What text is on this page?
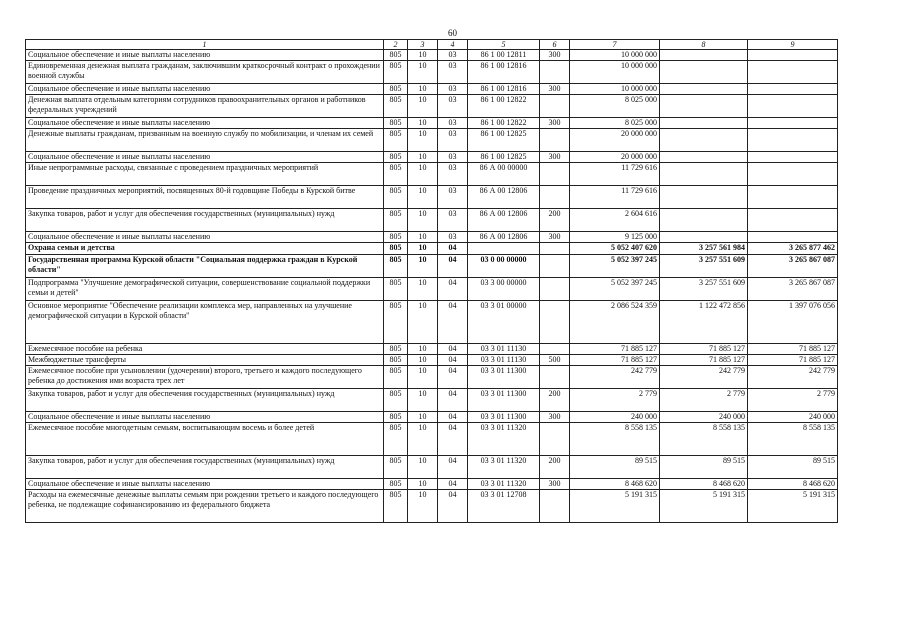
60
1	2	3	4	5	6	7	8	9
Социальное обеспечение и иные выплаты населению	805	10	03	86 1 00 12811	300	10 000 000		
Единовременная денежная выплата гражданам, заключившим краткосрочный контракт о прохождении военной службы	805	10	03	86 1 00 12816		10 000 000		
Социальное обеспечение и иные выплаты населению	805	10	03	86 1 00 12816	300	10 000 000		
Денежная выплата отдельным категориям сотрудников правоохранительных органов и работников федеральных учреждений	805	10	03	86 1 00 12822		8 025 000		
Социальное обеспечение и иные выплаты населению	805	10	03	86 1 00 12822	300	8 025 000		
Денежные выплаты гражданам, призванным на военную службу по мобилизации, и членам их семей	805	10	03	86 1 00 12825		20 000 000		
Социальное обеспечение и иные выплаты населению	805	10	03	86 1 00 12825	300	20 000 000		
Иные непрограммные расходы, связанные с проведением праздничных мероприятий	805	10	03	86 А 00 00000		11 729 616		
Проведение праздничных мероприятий, посвященных 80-й годовщине Победы в Курской битве	805	10	03	86 А 00 12806		11 729 616		
Закупка товаров, работ и услуг для обеспечения государственных (муниципальных) нужд	805	10	03	86 А 00 12806	200	2 604 616		
Социальное обеспечение и иные выплаты населению	805	10	03	86 А 00 12806	300	9 125 000		
Охрана семьи и детства	805	10	04			5 052 407 620	3 257 561 984	3 265 877 462
Государственная программа Курской области "Социальная поддержка граждан в Курской области"	805	10	04	03 0 00 00000		5 052 397 245	3 257 551 609	3 265 867 087
Подпрограмма "Улучшение демографической ситуации, совершенствование социальной поддержки семьи и детей"	805	10	04	03 3 00 00000		5 052 397 245	3 257 551 609	3 265 867 087
Основное мероприятие "Обеспечение реализации комплекса мер, направленных на улучшение демографической ситуации в Курской области"	805	10	04	03 3 01 00000		2 086 524 359	1 122 472 856	1 397 076 056
Ежемесячное пособие на ребенка	805	10	04	03 3 01 11130		71 885 127	71 885 127	71 885 127
Межбюджетные трансферты	805	10	04	03 3 01 11130	500	71 885 127	71 885 127	71 885 127
Ежемесячное пособие при усыновлении (удочерении) второго, третьего и каждого последующего ребенка до достижения ими возраста трех лет	805	10	04	03 3 01 11300		242 779	242 779	242 779
Закупка товаров, работ и услуг для обеспечения государственных (муниципальных) нужд	805	10	04	03 3 01 11300	200	2 779	2 779	2 779
Социальное обеспечение и иные выплаты населению	805	10	04	03 3 01 11300	300	240 000	240 000	240 000
Ежемесячное пособие многодетным семьям, воспитывающим восемь и более детей	805	10	04	03 3 01 11320		8 558 135	8 558 135	8 558 135
Закупка товаров, работ и услуг для обеспечения государственных (муниципальных) нужд	805	10	04	03 3 01 11320	200	89 515	89 515	89 515
Социальное обеспечение и иные выплаты населению	805	10	04	03 3 01 11320	300	8 468 620	8 468 620	8 468 620
Расходы на ежемесячные денежные выплаты семьям при рождении третьего и каждого последующего ребенка, не подлежащие софинансированию из федерального бюджета	805	10	04	03 3 01 12708		5 191 315	5 191 315	5 191 315
